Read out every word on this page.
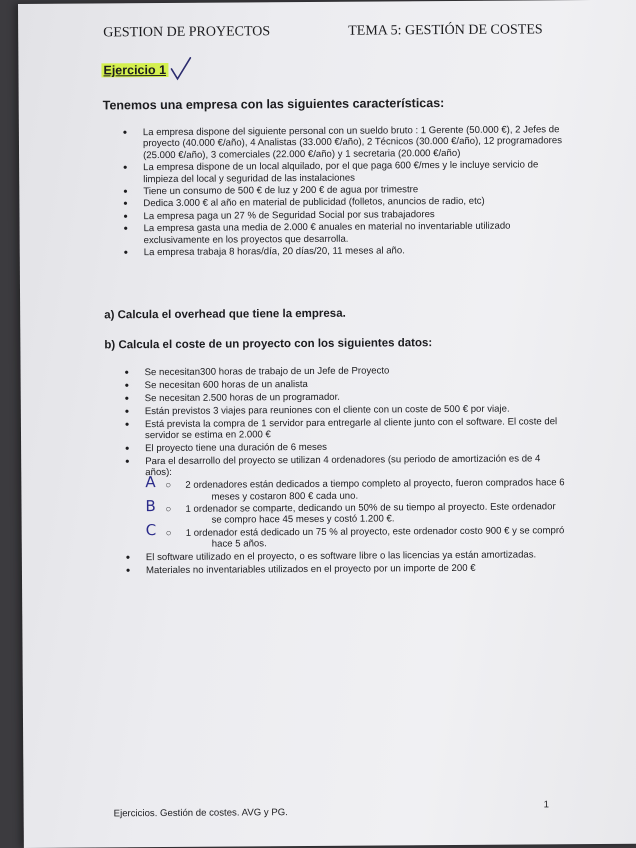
GESTION DE PROYECTOS	TEMA 5: GESTIÓN DE COSTES
Ejercicio 1
Tenemos una empresa con las siguientes características:
• La empresa dispone del siguiente personal con un sueldo bruto : 1 Gerente (50.000 €), 2 Jefes de proyecto (40.000 €/año), 4 Analistas (33.000 €/año), 2 Técnicos (30.000 €/año), 12 programadores (25.000 €/año), 3 comerciales (22.000 €/año) y 1 secretaria (20.000 €/año)
• La empresa dispone de un local alquilado, por el que paga 600 €/mes y le incluye servicio de limpieza del local y seguridad de las instalaciones
• Tiene un consumo de 500 € de luz y 200 € de agua por trimestre
• Dedica 3.000 € al año en material de publicidad (folletos, anuncios de radio, etc)
• La empresa paga un 27 % de Seguridad Social por sus trabajadores
• La empresa gasta una media de 2.000 € anuales en material no inventariable utilizado exclusivamente en los proyectos que desarrolla.
• La empresa trabaja 8 horas/día, 20 días/20, 11 meses al año.
a) Calcula el overhead que tiene la empresa.
b) Calcula el coste de un proyecto con los siguientes datos:
• Se necesitan300 horas de trabajo de un Jefe de Proyecto
• Se necesitan 600 horas de un analista
• Se necesitan 2.500 horas de un programador.
• Están previstos 3 viajes para reuniones con el cliente con un coste de 500 € por viaje.
• Está prevista la compra de 1 servidor para entregarle al cliente junto con el software. El coste del servidor se estima en 2.000 €
• El proyecto tiene una duración de 6 meses
• Para el desarrollo del proyecto se utilizan 4 ordenadores (su periodo de amortización es de 4 años):
A ○ 2 ordenadores están dedicados a tiempo completo al proyecto, fueron comprados hace 6 meses y costaron 800 € cada uno.
B ○ 1 ordenador se comparte, dedicando un 50% de su tiempo al proyecto. Este ordenador se compro hace 45 meses y costó 1.200 €.
C ○ 1 ordenador está dedicado un 75 % al proyecto, este ordenador costo 900 € y se compró hace 5 años.
• El software utilizado en el proyecto, o es software libre o las licencias ya están amortizadas.
• Materiales no inventariables utilizados en el proyecto por un importe de 200 €
Ejercicios. Gestión de costes. AVG y PG.
1
